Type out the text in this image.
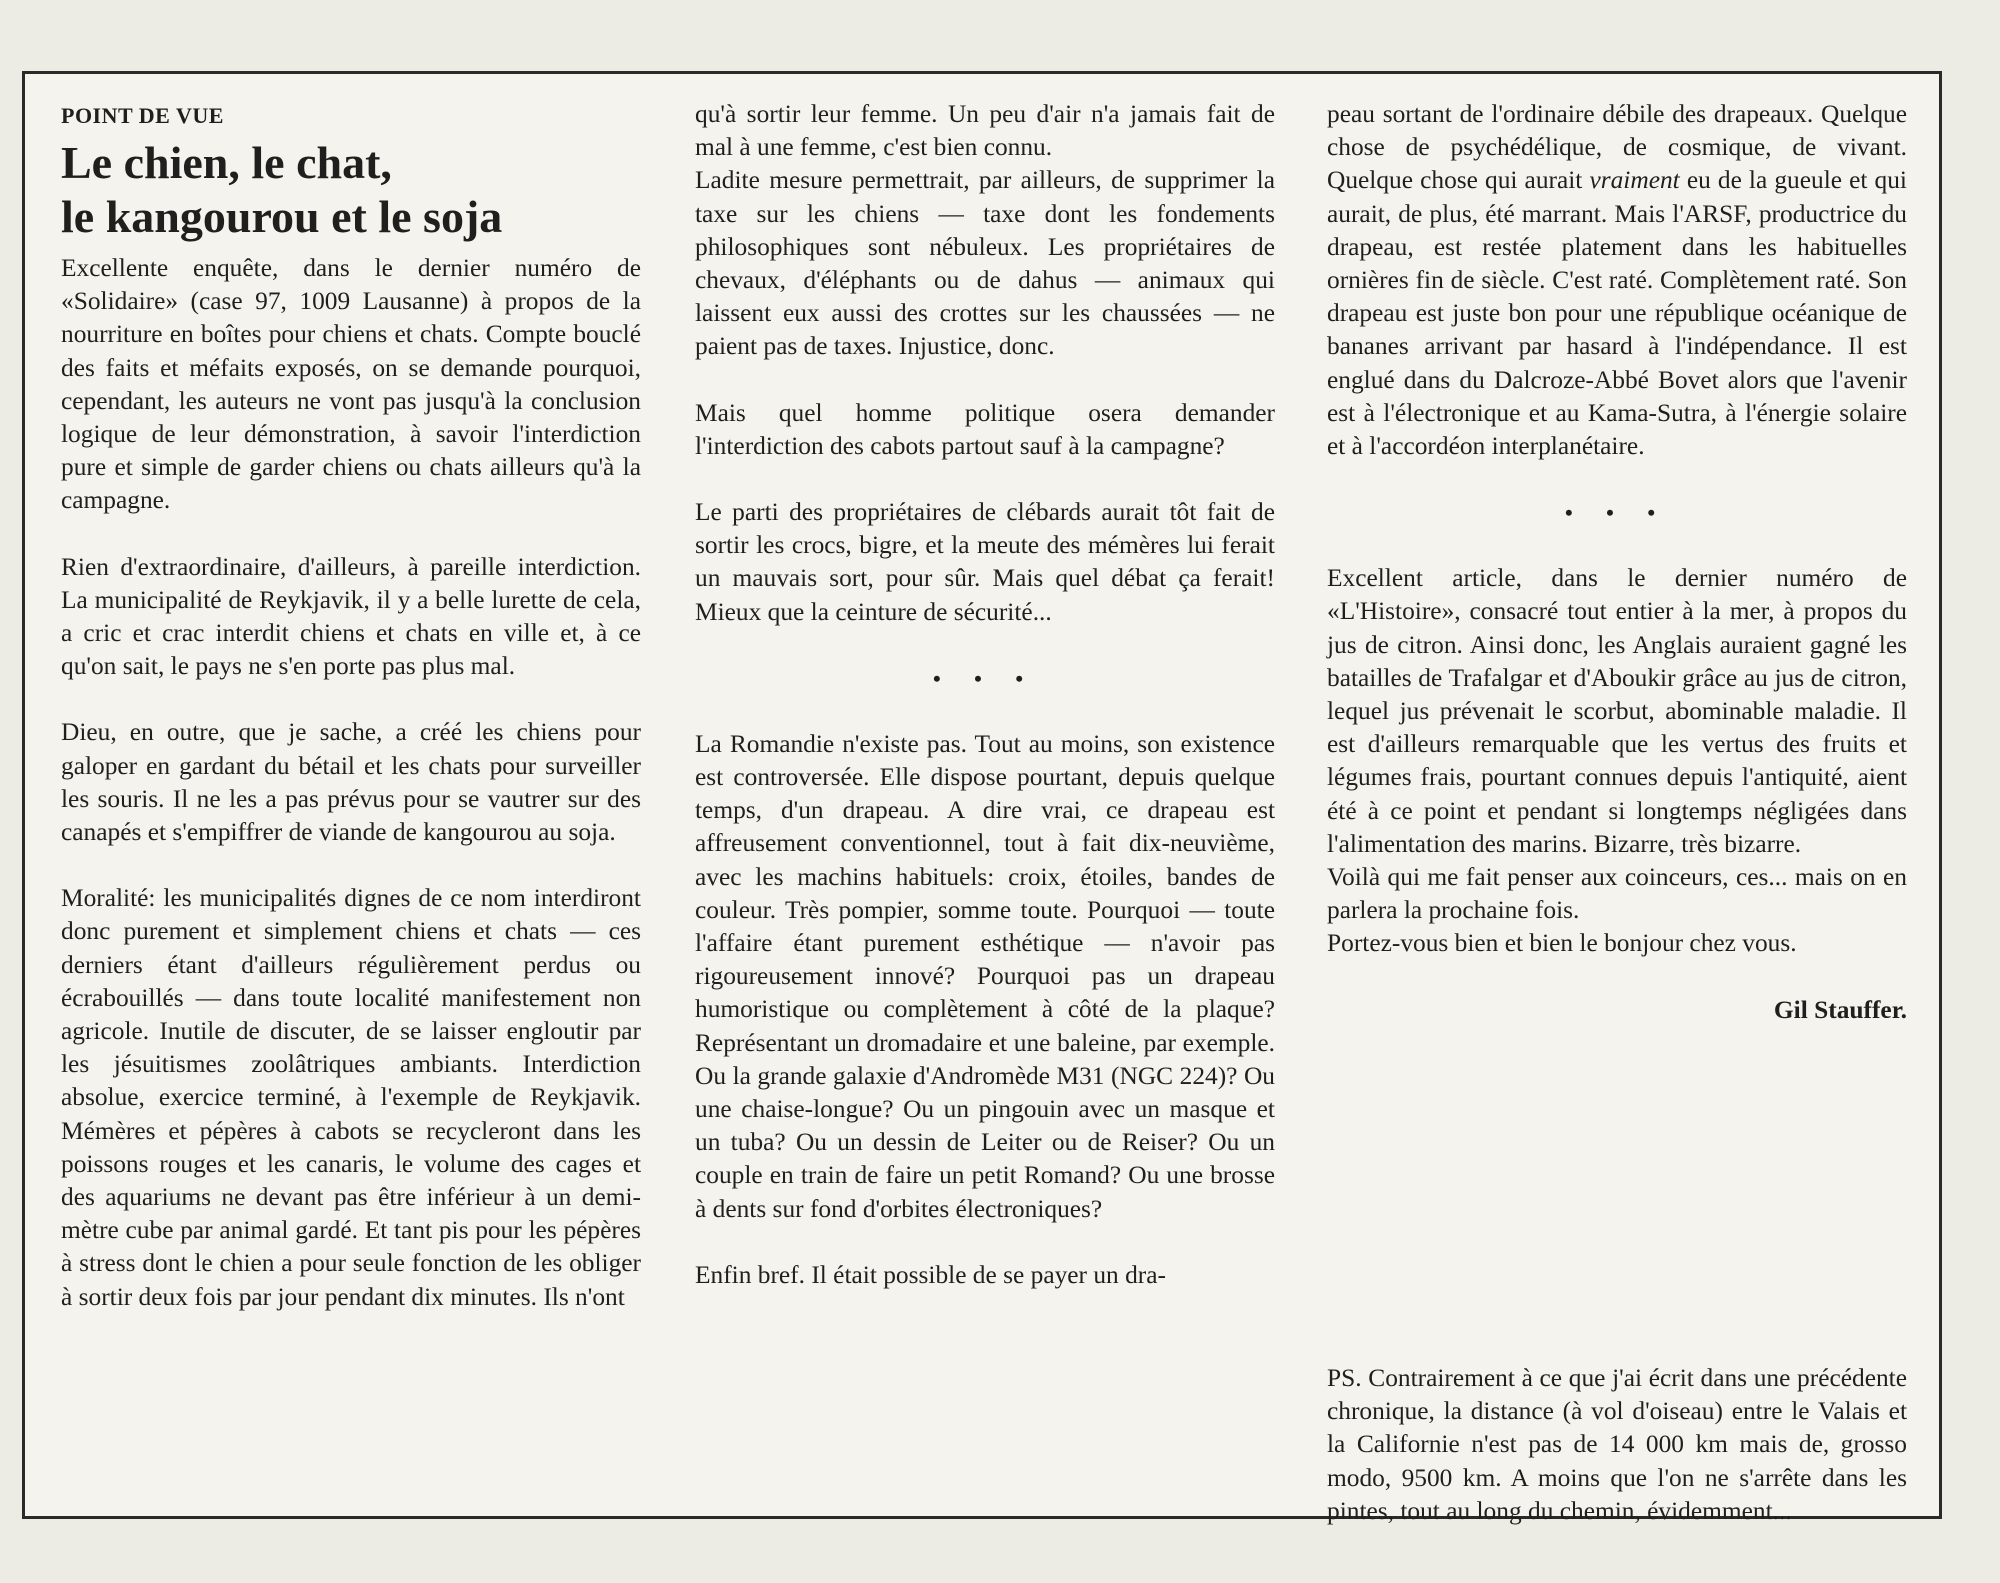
POINT DE VUE
Le chien, le chat,
le kangourou et le soja

Excellente enquête, dans le dernier numéro de «Solidaire» (case 97, 1009 Lausanne) à propos de la nourriture en boîtes pour chiens et chats. Compte bouclé des faits et méfaits exposés, on se demande pourquoi, cependant, les auteurs ne vont pas jusqu'à la conclusion logique de leur démonstration, à savoir l'interdiction pure et simple de garder chiens ou chats ailleurs qu'à la campagne.

Rien d'extraordinaire, d'ailleurs, à pareille interdiction. La municipalité de Reykjavik, il y a belle lurette de cela, a cric et crac interdit chiens et chats en ville et, à ce qu'on sait, le pays ne s'en porte pas plus mal.

Dieu, en outre, que je sache, a créé les chiens pour galoper en gardant du bétail et les chats pour surveiller les souris. Il ne les a pas prévus pour se vautrer sur des canapés et s'empiffrer de viande de kangourou au soja.

Moralité: les municipalités dignes de ce nom interdiront donc purement et simplement chiens et chats — ces derniers étant d'ailleurs régulièrement perdus ou écrabouillés — dans toute localité manifestement non agricole. Inutile de discuter, de se laisser engloutir par les jésuitismes zoolâtriques ambiants. Interdiction absolue, exercice terminé, à l'exemple de Reykjavik. Mémères et pépères à cabots se recycleront dans les poissons rouges et les canaris, le volume des cages et des aquariums ne devant pas être inférieur à un demi-mètre cube par animal gardé. Et tant pis pour les pépères à stress dont le chien a pour seule fonction de les obliger à sortir deux fois par jour pendant dix minutes. Ils n'ont

qu'à sortir leur femme. Un peu d'air n'a jamais fait de mal à une femme, c'est bien connu.

Ladite mesure permettrait, par ailleurs, de supprimer la taxe sur les chiens — taxe dont les fondements philosophiques sont nébuleux. Les propriétaires de chevaux, d'éléphants ou de dahus — animaux qui laissent eux aussi des crottes sur les chaussées — ne paient pas de taxes. Injustice, donc.

Mais quel homme politique osera demander l'interdiction des cabots partout sauf à la campagne?

Le parti des propriétaires de clébards aurait tôt fait de sortir les crocs, bigre, et la meute des mémères lui ferait un mauvais sort, pour sûr. Mais quel débat ça ferait! Mieux que la ceinture de sécurité...

• • •

La Romandie n'existe pas. Tout au moins, son existence est controversée. Elle dispose pourtant, depuis quelque temps, d'un drapeau. A dire vrai, ce drapeau est affreusement conventionnel, tout à fait dix-neuvième, avec les machins habituels: croix, étoiles, bandes de couleur. Très pompier, somme toute. Pourquoi — toute l'affaire étant purement esthétique — n'avoir pas rigoureusement innové? Pourquoi pas un drapeau humoristique ou complètement à côté de la plaque? Représentant un dromadaire et une baleine, par exemple. Ou la grande galaxie d'Andromède M31 (NGC 224)? Ou une chaise-longue? Ou un pingouin avec un masque et un tuba? Ou un dessin de Leiter ou de Reiser? Ou un couple en train de faire un petit Romand? Ou une brosse à dents sur fond d'orbites électroniques?

Enfin bref. Il était possible de se payer un dra-

peau sortant de l'ordinaire débile des drapeaux. Quelque chose de psychédélique, de cosmique, de vivant. Quelque chose qui aurait vraiment eu de la gueule et qui aurait, de plus, été marrant. Mais l'ARSF, productrice du drapeau, est restée platement dans les habituelles ornières fin de siècle. C'est raté. Complètement raté. Son drapeau est juste bon pour une république océanique de bananes arrivant par hasard à l'indépendance. Il est englué dans du Dalcroze-Abbé Bovet alors que l'avenir est à l'électronique et au Kama-Sutra, à l'énergie solaire et à l'accordéon interplanétaire.

• • •

Excellent article, dans le dernier numéro de «L'Histoire», consacré tout entier à la mer, à propos du jus de citron. Ainsi donc, les Anglais auraient gagné les batailles de Trafalgar et d'Aboukir grâce au jus de citron, lequel jus prévenait le scorbut, abominable maladie. Il est d'ailleurs remarquable que les vertus des fruits et légumes frais, pourtant connues depuis l'antiquité, aient été à ce point et pendant si longtemps négligées dans l'alimentation des marins. Bizarre, très bizarre.

Voilà qui me fait penser aux coinceurs, ces... mais on en parlera la prochaine fois.

Portez-vous bien et bien le bonjour chez vous.

Gil Stauffer.

PS. Contrairement à ce que j'ai écrit dans une précédente chronique, la distance (à vol d'oiseau) entre le Valais et la Californie n'est pas de 14 000 km mais de, grosso modo, 9500 km. A moins que l'on ne s'arrête dans les pintes, tout au long du chemin, évidemment...
